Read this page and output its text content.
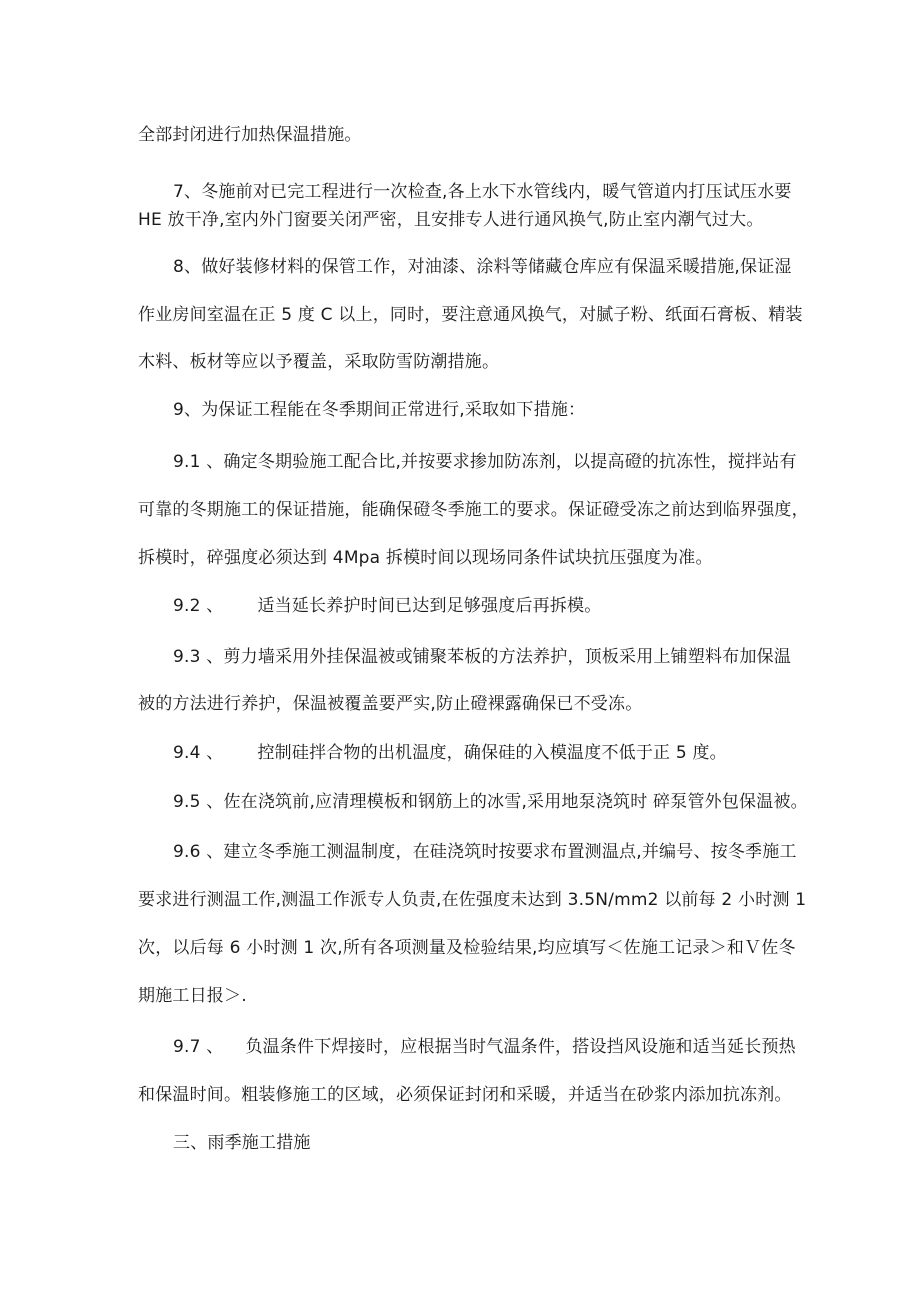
全部封闭进行加热保温措施。
7、冬施前对已完工程进行一次检查,各上水下水管线内，暖气管道内打压试压水要
HE 放干净,室内外门窗要关闭严密，且安排专人进行通风换气,防止室内潮气过大。
8、做好装修材料的保管工作，对油漆、涂料等储藏仓库应有保温采暖措施,保证湿
作业房间室温在正 5 度 C 以上，同时，要注意通风换气，对腻子粉、纸面石膏板、精装
木料、板材等应以予覆盖，采取防雪防潮措施。
9、为保证工程能在冬季期间正常进行,采取如下措施：
9.1 、确定冬期验施工配合比,并按要求掺加防冻剂，以提高磴的抗冻性，搅拌站有
可靠的冬期施工的保证措施，能确保磴冬季施工的要求。保证磴受冻之前达到临界强度，
拆模时，碎强度必须达到 4Mpa 拆模时间以现场同条件试块抗压强度为准。
9.2 、 适当延长养护时间已达到足够强度后再拆模。
9.3 、剪力墙采用外挂保温被或铺聚苯板的方法养护，顶板采用上铺塑料布加保温
被的方法进行养护，保温被覆盖要严实,防止磴裸露确保已不受冻。
9.4 、 控制硅拌合物的出机温度，确保硅的入模温度不低于正 5 度。
9.5 、佐在浇筑前,应清理模板和钢筋上的冰雪,采用地泵浇筑时 碎泵管外包保温被。
9.6 、建立冬季施工测温制度，在硅浇筑时按要求布置测温点,并编号、按冬季施工
要求进行测温工作,测温工作派专人负责,在佐强度未达到 3.5N∕mm2 以前每 2 小时测 1
次，以后每 6 小时测 1 次,所有各项测量及检验结果,均应填写＜佐施工记录＞和Ｖ佐冬
期施工日报＞.
9.7 、 负温条件下焊接时，应根据当时气温条件，搭设挡风设施和适当延长预热
和保温时间。粗装修施工的区域，必须保证封闭和采暖，并适当在砂浆内添加抗冻剂。
三、雨季施工措施
